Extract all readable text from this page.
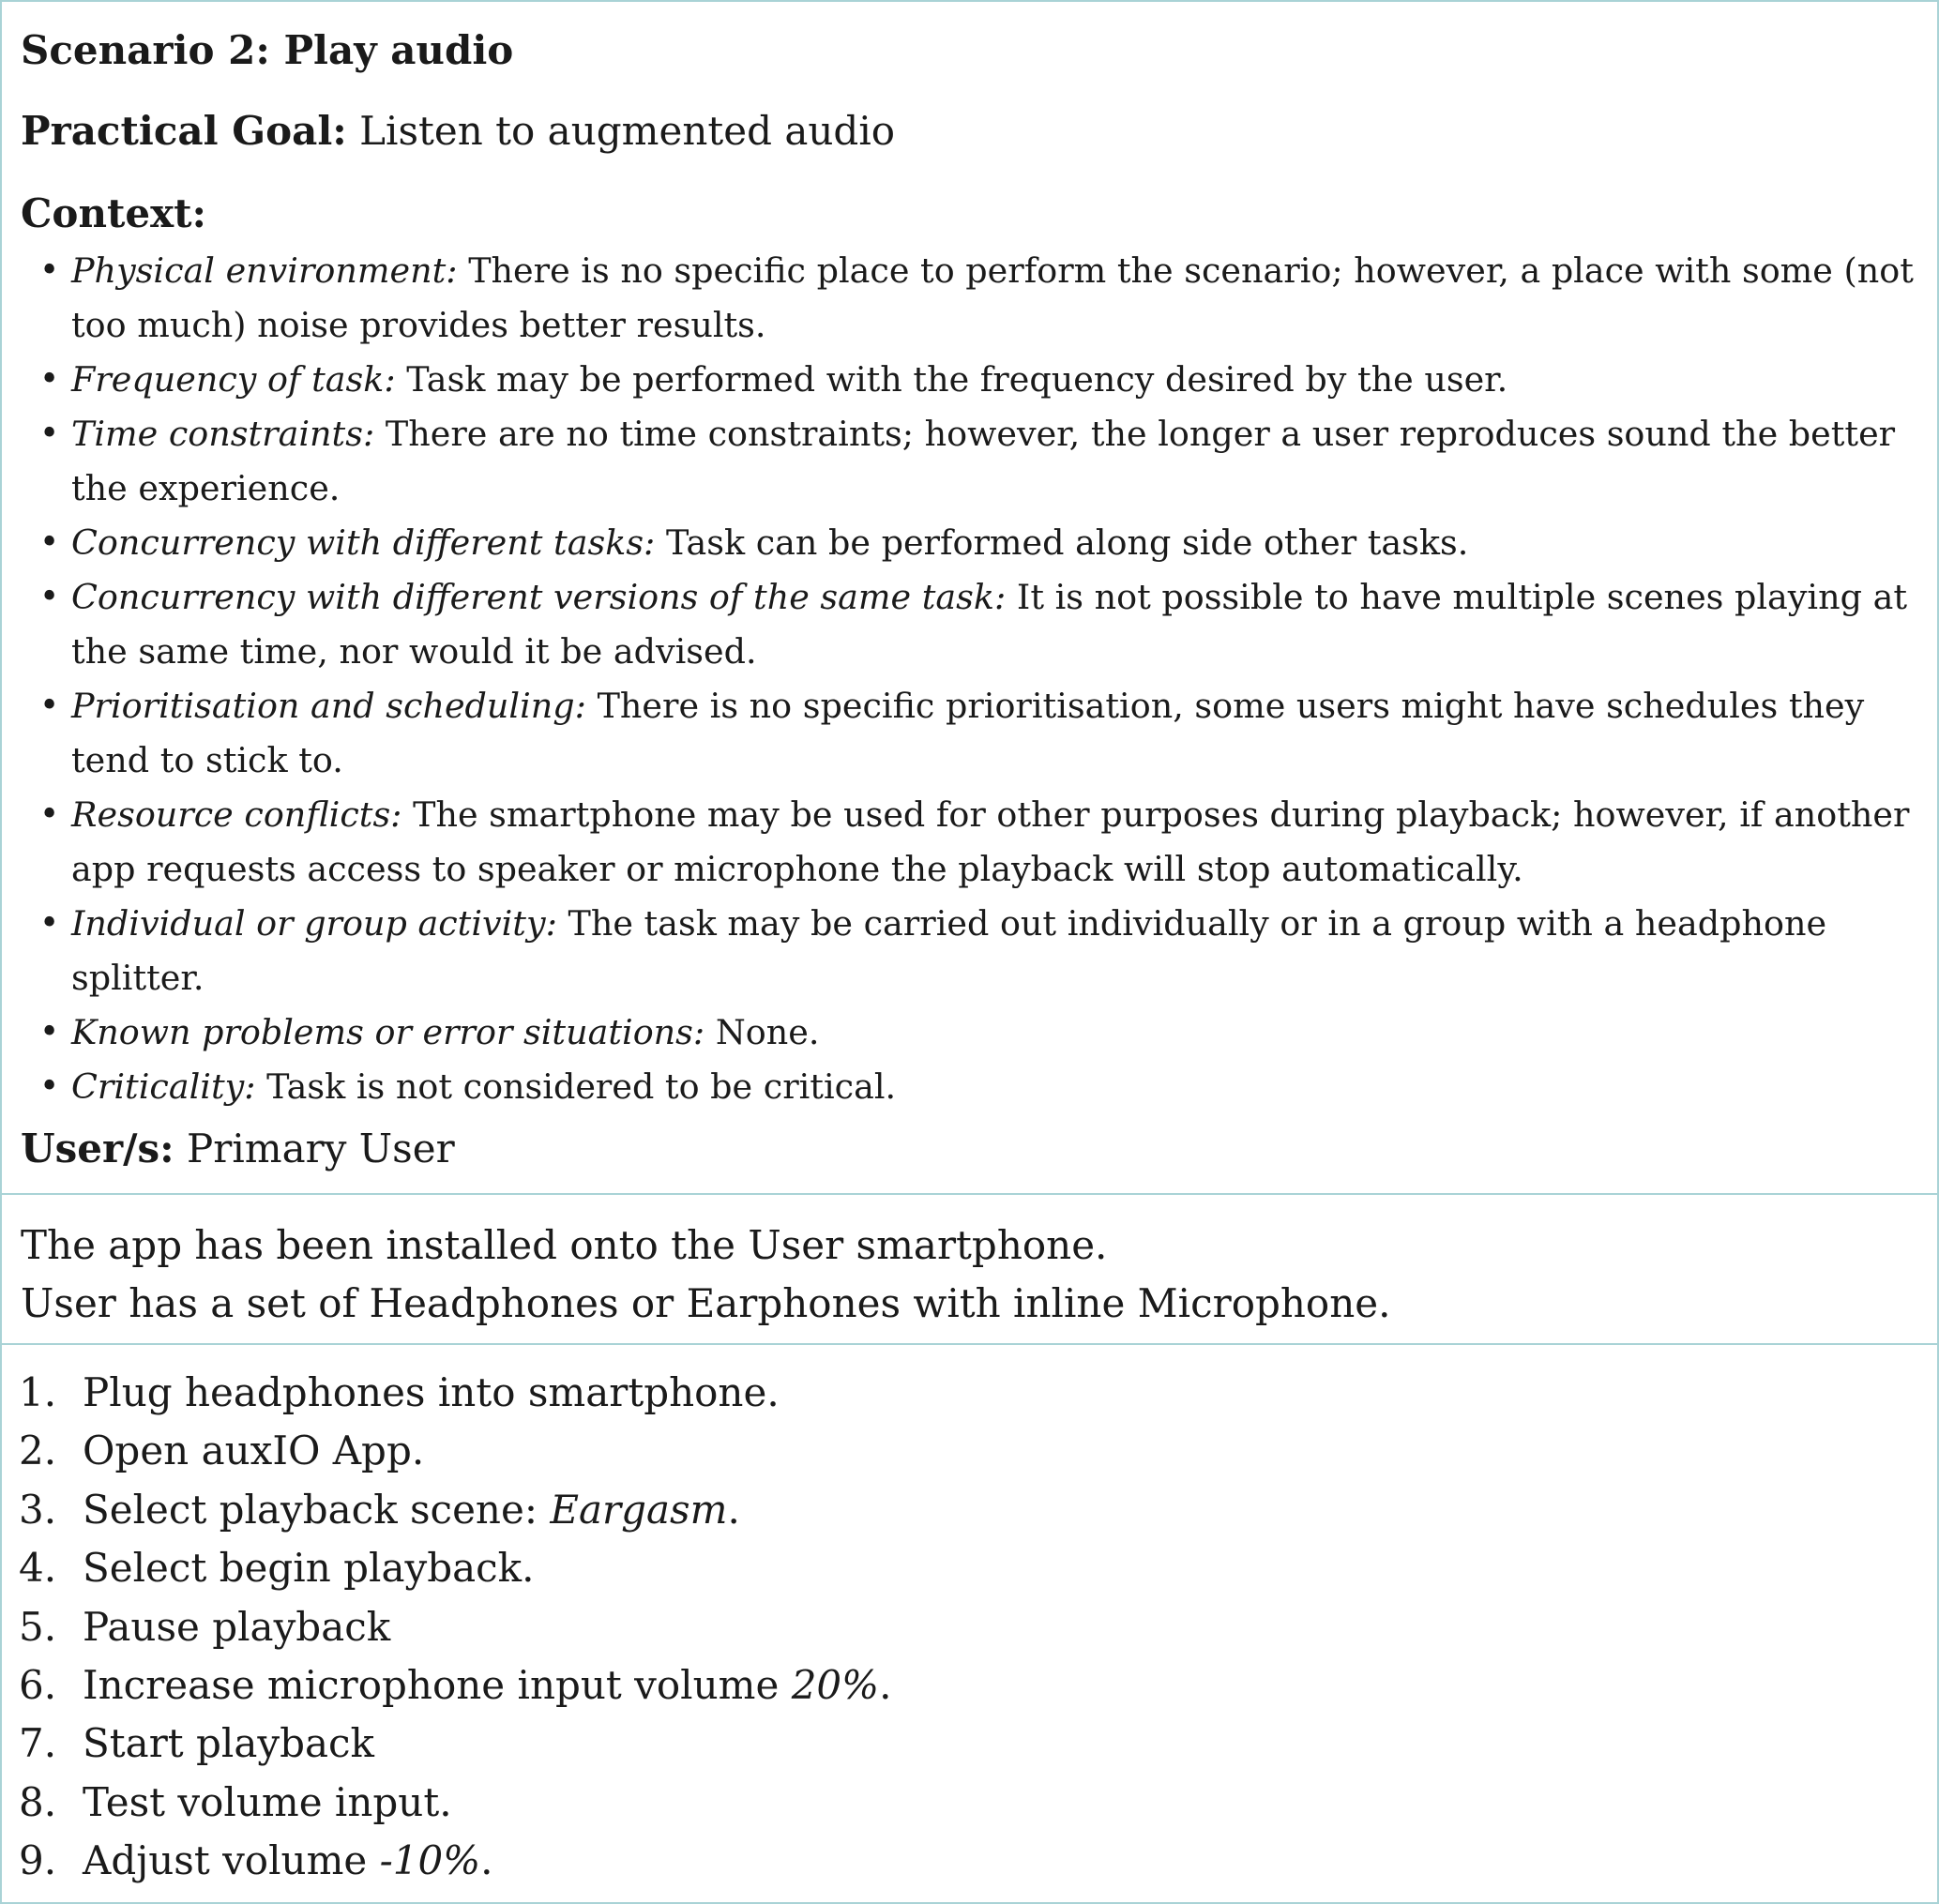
Scenario 2: Play audio
Practical Goal: Listen to augmented audio
Context:
• Physical environment: There is no specific place to perform the scenario; however, a place with some (not too much) noise provides better results.
• Frequency of task: Task may be performed with the frequency desired by the user.
• Time constraints: There are no time constraints; however, the longer a user reproduces sound the better the experience.
• Concurrency with different tasks: Task can be performed along side other tasks.
• Concurrency with different versions of the same task: It is not possible to have multiple scenes playing at the same time, nor would it be advised.
• Prioritisation and scheduling: There is no specific prioritisation, some users might have schedules they tend to stick to.
• Resource conflicts: The smartphone may be used for other purposes during playback; however, if another app requests access to speaker or microphone the playback will stop automatically.
• Individual or group activity: The task may be carried out individually or in a group with a headphone splitter.
• Known problems or error situations: None.
• Criticality: Task is not considered to be critical.
User/s: Primary User
The app has been installed onto the User smartphone.
User has a set of Headphones or Earphones with inline Microphone.
1. Plug headphones into smartphone.
2. Open auxIO App.
3. Select playback scene: Eargasm.
4. Select begin playback.
5. Pause playback
6. Increase microphone input volume 20%.
7. Start playback
8. Test volume input.
9. Adjust volume -10%.
